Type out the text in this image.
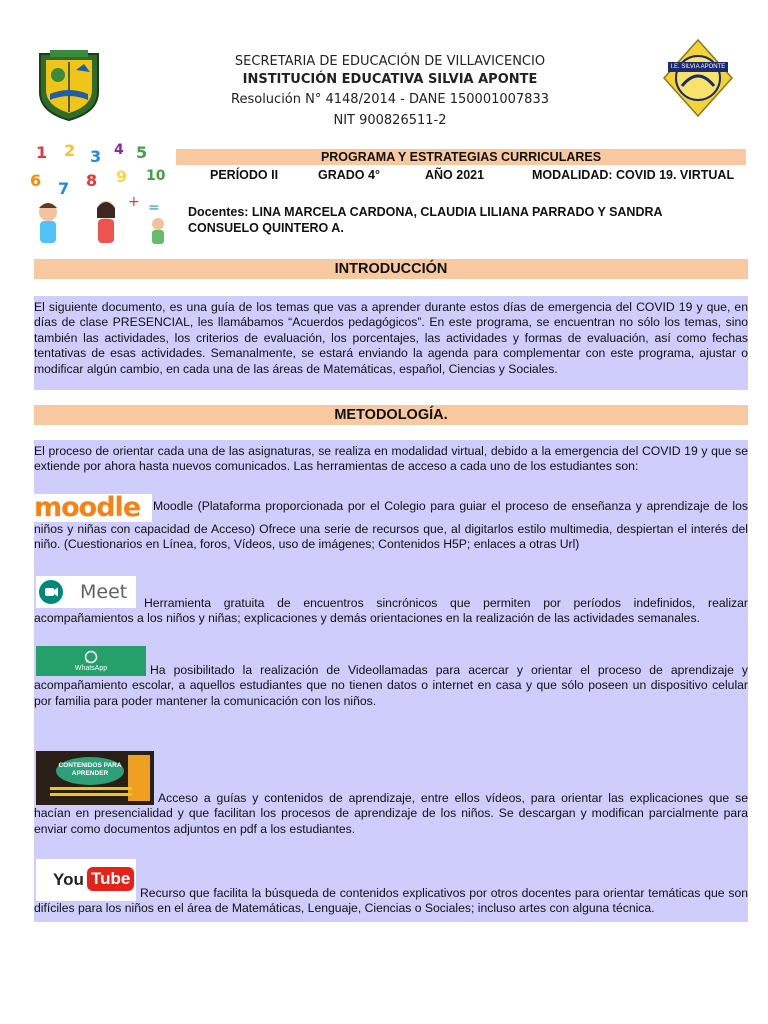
SECRETARIA DE EDUCACIÓN DE VILLAVICENCIO
INSTITUCIÓN EDUCATIVA SILVIA APONTE
Resolución N° 4148/2014 - DANE 150001007833
NIT 900826511-2
I.E. SILVIA APONTE
1 2 3 4 5
6 7 8 9 10
+ =
PROGRAMA Y ESTRATEGIAS CURRICULARES
PERÍODO II	GRADO 4°	AÑO 2021	MODALIDAD: COVID 19. VIRTUAL
Docentes: LINA MARCELA CARDONA, CLAUDIA LILIANA PARRADO Y SANDRA CONSUELO QUINTERO A.
INTRODUCCIÓN
El siguiente documento, es una guía de los temas que vas a aprender durante estos días de emergencia del COVID 19 y que, en días de clase PRESENCIAL, les llamábamos “Acuerdos pedagógicos”. En este programa, se encuentran no sólo los temas, sino también las actividades, los criterios de evaluación, los porcentajes, las actividades y formas de evaluación, así como fechas tentativas de esas actividades. Semanalmente, se estará enviando la agenda para complementar con este programa, ajustar o modificar algún cambio, en cada una de las áreas de Matemáticas, español, Ciencias y Sociales.
METODOLOGÍA.
El proceso de orientar cada una de las asignaturas, se realiza en modalidad virtual, debido a la emergencia del COVID 19 y que se extiende por ahora hasta nuevos comunicados. Las herramientas de acceso a cada uno de los estudiantes son:
moodle Moodle (Plataforma proporcionada por el Colegio para guiar el proceso de enseñanza y aprendizaje de los niños y niñas con capacidad de Acceso) Ofrece una serie de recursos que, al digitarlos estilo multimedia, despiertan el interés del niño. (Cuestionarios en Línea, foros, Vídeos, uso de imágenes; Contenidos H5P; enlaces a otras Url)
Meet	Herramienta gratuita de encuentros sincrónicos que permiten por períodos indefinidos, realizar acompañamientos a los niños y niñas; explicaciones y demás orientaciones en la realización de las actividades semanales.
WhatsApp	Ha posibilitado la realización de Videollamadas para acercar y orientar el proceso de aprendizaje y acompañamiento escolar, a aquellos estudiantes que no tienen datos o internet en casa y que sólo poseen un dispositivo celular por familia para poder mantener la comunicación con los niños.
CONTENIDOS PARA APRENDER
Acceso a guías y contenidos de aprendizaje, entre ellos vídeos, para orientar las explicaciones que se hacían en presencialidad y que facilitan los procesos de aprendizaje de los niños. Se descargan y modifican parcialmente para enviar como documentos adjuntos en pdf a los estudiantes.
You Tube
Recurso que facilita la búsqueda de contenidos explicativos por otros docentes para orientar temáticas que son difíciles para los niños en el área de Matemáticas, Lenguaje, Ciencias o Sociales; incluso artes con alguna técnica.
